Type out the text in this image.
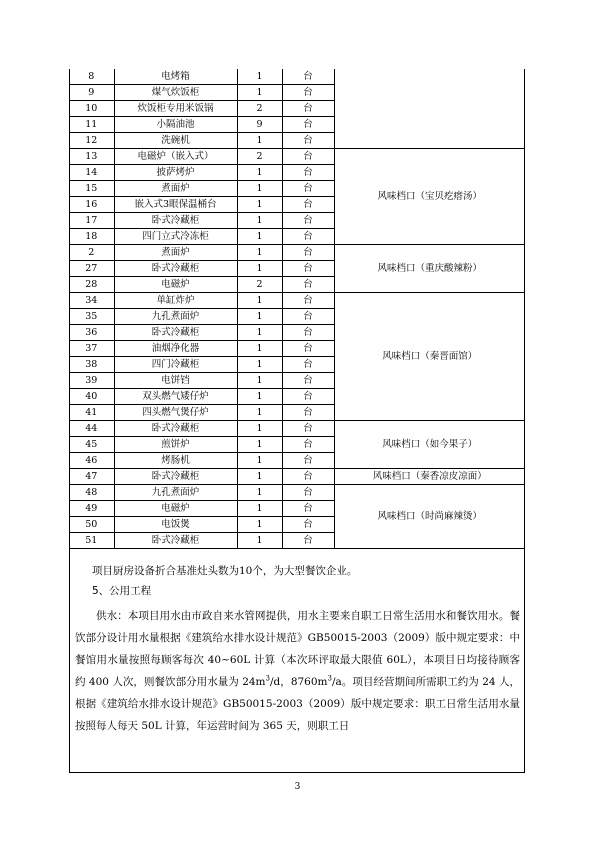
8	电烤箱	1	台	
9	煤气炊饭柜	1	台	
10	炊饭柜专用米饭锅	2	台	
11	小隔油池	9	台	
12	洗碗机	1	台	
13	电磁炉（嵌入式）	2	台	风味档口（宝贝疙瘩汤）
14	披萨烤炉	1	台	
15	煮面炉	1	台	
16	嵌入式3眼保温桶台	1	台	
17	卧式冷藏柜	1	台	
18	四门立式冷冻柜	1	台	
2	煮面炉	1	台	风味档口（重庆酸辣粉）
27	卧式冷藏柜	1	台	
28	电磁炉	2	台	
34	单缸炸炉	1	台	风味档口（秦晋面馆）
35	九孔煮面炉	1	台	
36	卧式冷藏柜	1	台	
37	油烟净化器	1	台	
38	四门冷藏柜	1	台	
39	电饼铛	1	台	
40	双头燃气矮仔炉	1	台	
41	四头燃气煲仔炉	1	台	
44	卧式冷藏柜	1	台	风味档口（如今果子）
45	煎饼炉	1	台	
46	烤肠机	1	台	
47	卧式冷藏柜	1	台	风味档口（秦香凉皮凉面）
48	九孔煮面炉	1	台	风味档口（时尚麻辣烫）
49	电磁炉	1	台	
50	电饭煲	1	台	
51	卧式冷藏柜	1	台	
项目厨房设备折合基准灶头数为10个，为大型餐饮企业。
5、公用工程

供水：本项目用水由市政自来水管网提供，用水主要来自职工日常生活用水和餐饮用水。餐饮部分设计用水量根据《建筑给水排水设计规范》GB50015-2003（2009）版中规定要求：中餐馆用水量按照每顾客每次 40~60L 计算（本次环评取最大限值 60L），本项目日均接待顾客约 400 人次，则餐饮部分用水量为 $24m^3/d$，$8760m^3/a$。项目经营期间所需职工约为 24 人，根据《建筑给水排水设计规范》GB50015-2003（2009）版中规定要求：职工日常生活用水量按照每人每天 50L 计算，年运营时间为 365 天，则职工日

3
